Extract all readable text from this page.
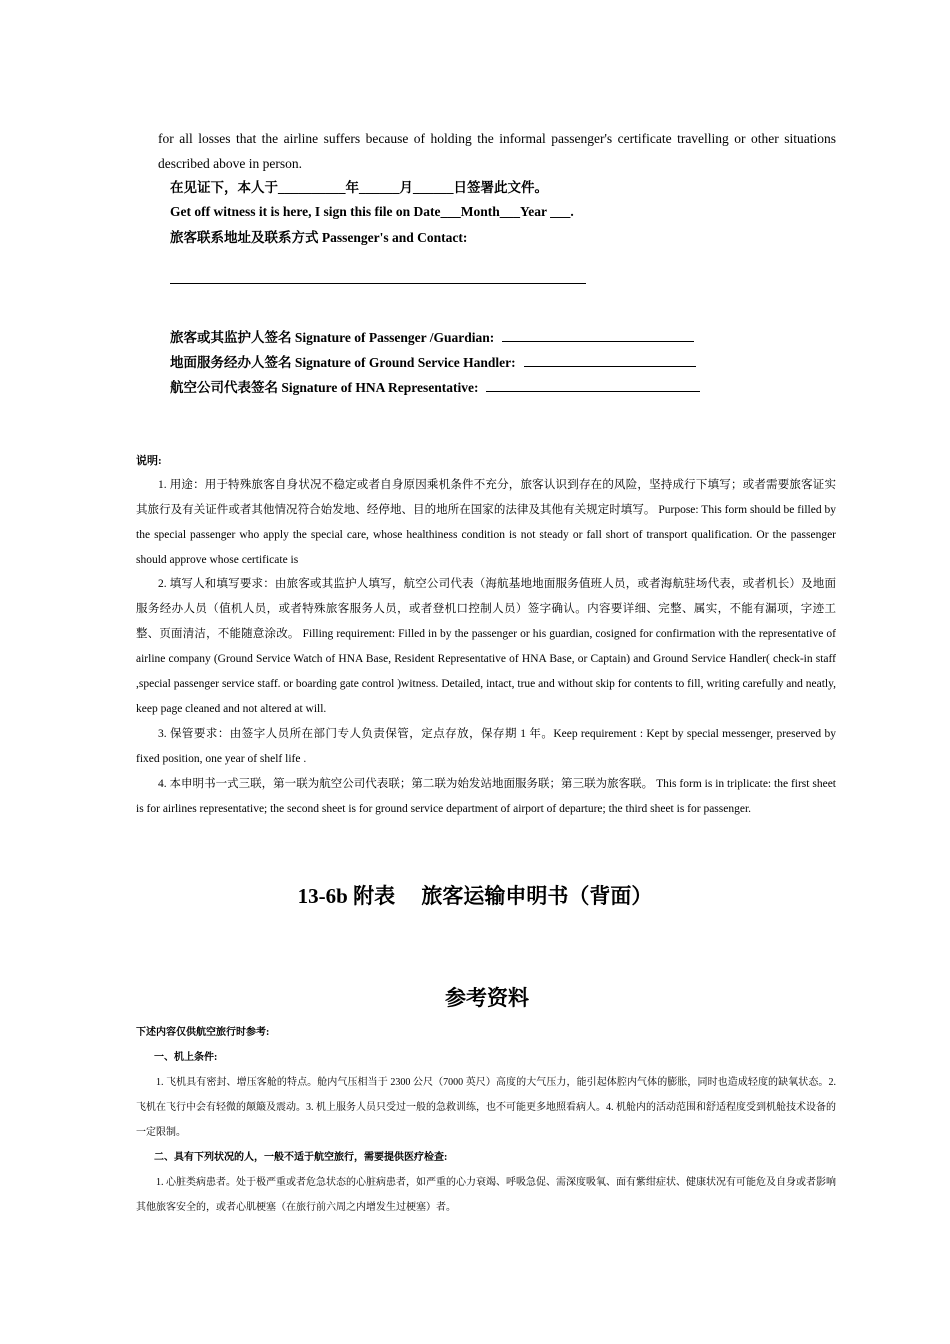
for all losses that the airline suffers because of holding the informal passenger's certificate travelling or other situations described above in person.
在见证下，本人于__________年______月______日签署此文件。
Get off witness it is here, I sign this file on Date___Month___Year ___.
旅客联系地址及联系方式 Passenger's and Contact:
旅客或其监护人签名 Signature of Passenger /Guardian:
地面服务经办人签名 Signature of Ground Service Handler:
航空公司代表签名 Signature of HNA Representative:
说明:
1. 用途：用于特殊旅客自身状况不稳定或者自身原因乘机条件不充分，旅客认识到存在的风险，坚持成行下填写；或者需要旅客证实其旅行及有关证件或者其他情况符合始发地、经停地、目的地所在国家的法律及其他有关规定时填写。 Purpose: This form should be filled by the special passenger who apply the special care, whose healthiness condition is not steady or fall short of transport qualification. Or the passenger should approve whose certificate is
2. 填写人和填写要求：由旅客或其监护人填写，航空公司代表（海航基地地面服务值班人员，或者海航驻场代表，或者机长）及地面服务经办人员（值机人员，或者特殊旅客服务人员，或者登机口控制人员）签字确认。内容要详细、完整、属实，不能有漏项，字迹工整、页面清洁，不能随意涂改。 Filling requirement: Filled in by the passenger or his guardian, cosigned for confirmation with the representative of airline company (Ground Service Watch of HNA Base, Resident Representative of HNA Base, or Captain) and Ground Service Handler( check-in staff ,special passenger service staff. or boarding gate control )witness. Detailed, intact, true and without skip for contents to fill, writing carefully and neatly, keep page cleaned and not altered at will.
3. 保管要求：由签字人员所在部门专人负责保管，定点存放，保存期 1 年。Keep requirement : Kept by special messenger, preserved by fixed position, one year of shelf life .
4. 本申明书一式三联，第一联为航空公司代表联；第二联为始发站地面服务联；第三联为旅客联。 This form is in triplicate: the first sheet is for airlines representative; the second sheet is for ground service department of airport of departure; the third sheet is for passenger.
13-6b 附表     旅客运输申明书（背面）
参考资料
下述内容仅供航空旅行时参考:
一、机上条件:
1. 飞机具有密封、增压客舱的特点。舱内气压相当于 2300 公尺（7000 英尺）高度的大气压力，能引起体腔内气体的膨胀，同时也造成轻度的缺氧状态。2. 飞机在飞行中会有轻微的颠簸及震动。3. 机上服务人员只受过一般的急救训练，也不可能更多地照看病人。4. 机舱内的活动范围和舒适程度受到机舱技术设备的一定限制。
二、具有下列状况的人，一般不适于航空旅行，需要提供医疗检查:
1. 心脏类病患者。处于极严重或者危急状态的心脏病患者，如严重的心力衰竭、呼吸急促、需深度吸氧、面有紫绀症状、健康状况有可能危及自身或者影响其他旅客安全的，或者心肌梗塞（在旅行前六周之内增发生过梗塞）者。
